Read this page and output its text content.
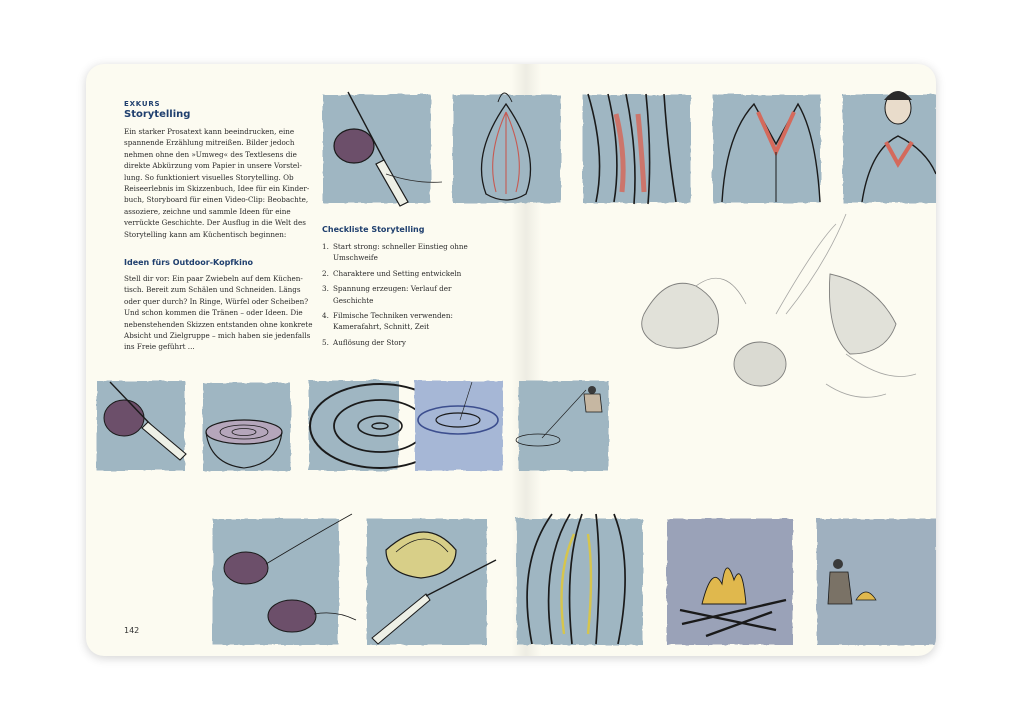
EXKURS
Storytelling
Ein starker Prosatext kann beeindrucken, eine
spannende Erzählung mitreißen. Bilder jedoch
nehmen ohne den »Umweg« des Textlesens die
direkte Abkürzung vom Papier in unsere Vorstel-
lung. So funktioniert visuelles Storytelling. Ob
Reiseerlebnis im Skizzenbuch, Idee für ein Kinder-
buch, Storyboard für einen Video-Clip: Beobachte,
assoziere, zeichne und sammle Ideen für eine
verrückte Geschichte. Der Ausflug in die Welt des
Storytelling kann am Küchentisch beginnen:
Ideen fürs Outdoor-Kopfkino
Stell dir vor: Ein paar Zwiebeln auf dem Küchen-
tisch. Bereit zum Schälen und Schneiden. Längs
oder quer durch? In Ringe, Würfel oder Scheiben?
Und schon kommen die Tränen – oder Ideen. Die
nebenstehenden Skizzen entstanden ohne konkrete
Absicht und Zielgruppe – mich haben sie jedenfalls
ins Freie geführt ...
Checkliste Storytelling
1. Start strong: schneller Einstieg ohne
Umschweife
2. Charaktere und Setting entwickeln
3. Spannung erzeugen: Verlauf der
Geschichte
4. Filmische Techniken verwenden:
Kamerafahrt, Schnitt, Zeit
5. Auflösung der Story
142
